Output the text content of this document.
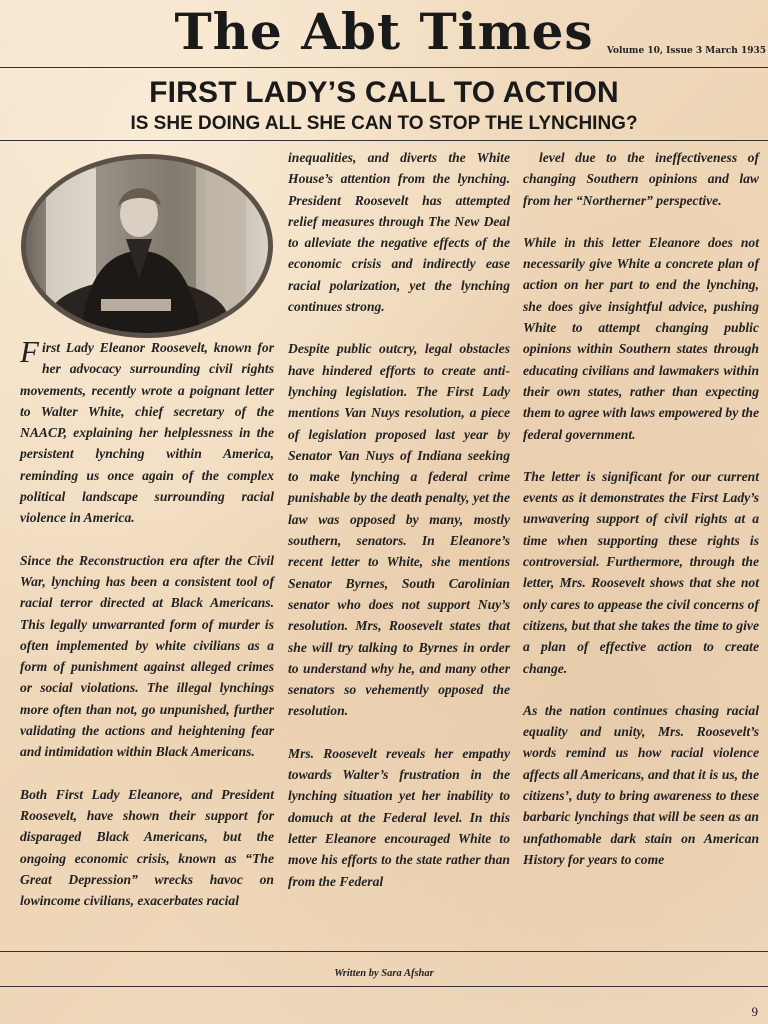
The Abt Times	Volume 10, Issue 3 March 1935
FIRST LADY’S CALL TO ACTION
IS SHE DOING ALL SHE CAN TO STOP THE LYNCHING?

First Lady Eleanor Roosevelt, known for her advocacy surrounding civil rights movements, recently wrote a poignant letter to Walter White, chief secretary of the NAACP, explaining her helplessness in the persistent lynching within America, reminding us once again of the complex political landscape surrounding racial violence in America.

Since the Reconstruction era after the Civil War, lynching has been a consistent tool of racial terror directed at Black Americans. This legally unwarranted form of murder is often implemented by white civilians as a form of punishment against alleged crimes or social violations. The illegal lynchings more often than not, go unpunished, further validating the actions and heightening fear and intimidation within Black Americans.

Both First Lady Eleanore, and President Roosevelt, have shown their support for disparaged Black Americans, but the ongoing economic crisis, known as “The Great Depression” wrecks havoc on lowincome civilians, exacerbates racial

inequalities, and diverts the White House’s attention from the lynching. President Roosevelt has attempted relief measures through The New Deal to alleviate the negative effects of the economic crisis and indirectly ease racial polarization, yet the lynching continues strong.

Despite public outcry, legal obstacles have hindered efforts to create anti-lynching legislation. The First Lady mentions Van Nuys resolution, a piece of legislation proposed last year by Senator Van Nuys of Indiana seeking to make lynching a federal crime punishable by the death penalty, yet the law was opposed by many, mostly southern, senators. In Eleanore’s recent letter to White, she mentions Senator Byrnes, South Carolinian senator who does not support Nuy’s resolution. Mrs, Roosevelt states that she will try talking to Byrnes in order to understand why he, and many other senators so vehemently opposed the resolution.

Mrs. Roosevelt reveals her empathy towards Walter’s frustration in the lynching situation yet her inability to domuch at the Federal level. In this letter Eleanore encouraged White to move his efforts to the state rather than from the Federal

level due to the ineffectiveness of changing Southern opinions and law from her “Northerner” perspective.

While in this letter Eleanore does not necessarily give White a concrete plan of action on her part to end the lynching, she does give insightful advice, pushing White to attempt changing public opinions within Southern states through educating civilians and lawmakers within their own states, rather than expecting them to agree with laws empowered by the federal government.

The letter is significant for our current events as it demonstrates the First Lady’s unwavering support of civil rights at a time when supporting these rights is controversial. Furthermore, through the letter, Mrs. Roosevelt shows that she not only cares to appease the civil concerns of citizens, but that she takes the time to give a plan of effective action to create change.

As the nation continues chasing racial equality and unity, Mrs. Roosevelt’s words remind us how racial violence affects all Americans, and that it is us, the citizens’, duty to bring awareness to these barbaric lynchings that will be seen as an unfathomable dark stain on American History for years to come

Written by Sara Afshar
9
